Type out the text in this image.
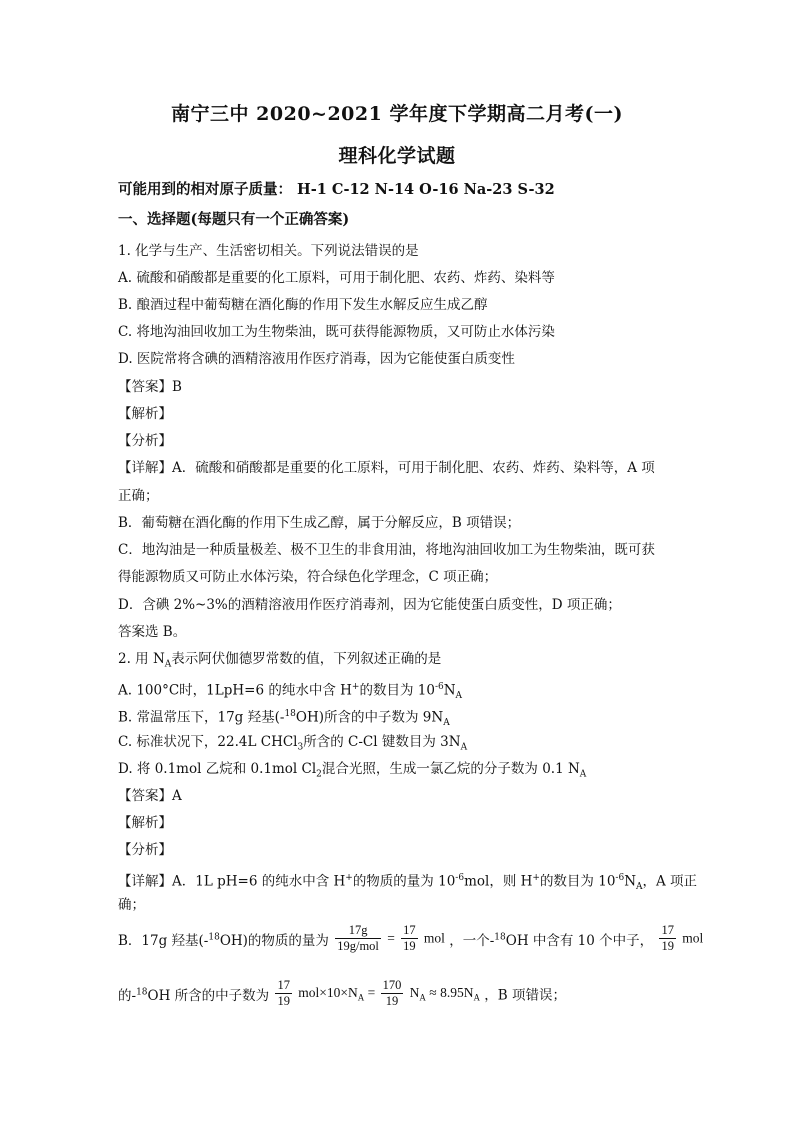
南宁三中 2020~2021 学年度下学期高二月考(一)
理科化学试题
可能用到的相对原子质量： H-1 C-12 N-14 O-16 Na-23 S-32
一、选择题(每题只有一个正确答案)
1. 化学与生产、生活密切相关。下列说法错误的是
A. 硫酸和硝酸都是重要的化工原料，可用于制化肥、农药、炸药、染料等
B. 酿酒过程中葡萄糖在酒化酶的作用下发生水解反应生成乙醇
C. 将地沟油回收加工为生物柴油，既可获得能源物质，又可防止水体污染
D. 医院常将含碘的酒精溶液用作医疗消毒，因为它能使蛋白质变性
【答案】B
【解析】
【分析】
【详解】A．硫酸和硝酸都是重要的化工原料，可用于制化肥、农药、炸药、染料等，A 项
正确；
B．葡萄糖在酒化酶的作用下生成乙醇，属于分解反应，B 项错误；
C．地沟油是一种质量极差、极不卫生的非食用油，将地沟油回收加工为生物柴油，既可获
得能源物质又可防止水体污染，符合绿色化学理念，C 项正确；
D．含碘 2%~3%的酒精溶液用作医疗消毒剂，因为它能使蛋白质变性，D 项正确；
答案选 B。
2. 用 $N_A$表示阿伏伽德罗常数的值，下列叙述正确的是
A. 100°C时，1LpH=6 的纯水中含 H+的数目为 $10^{-6}N_A$
B. 常温常压下，17g 羟基(-$^{18}$OH)所含的中子数为 $9N_A$
C. 标准状况下，22.4L CHCl$_3$所含的 C-Cl 键数目为 $3N_A$
D. 将 0.1mol 乙烷和 0.1mol $Cl_2$混合光照，生成一氯乙烷的分子数为 0.1 $N_A$
【答案】A
【解析】
【分析】
【详解】A．1L pH=6 的纯水中含 H+的物质的量为 $10^{-6}mol$，则 H+的数目为 $10^{-6}N_A$，A 项正
确；
B．17g 羟基(-$^{18}$OH)的物质的量为 $\frac{17g}{\text{19g/mol}} = \frac{17}{19}$ mol ，一个-$^{18}$OH 中含有 10 个中子， $\frac{17}{19}$ mol
的-$^{18}$OH 所含的中子数为 $\frac{17}{19} mol\times 10\times N_A = \frac{170}{19} N_A \approx 8.95N_A$ ，B 项错误；
